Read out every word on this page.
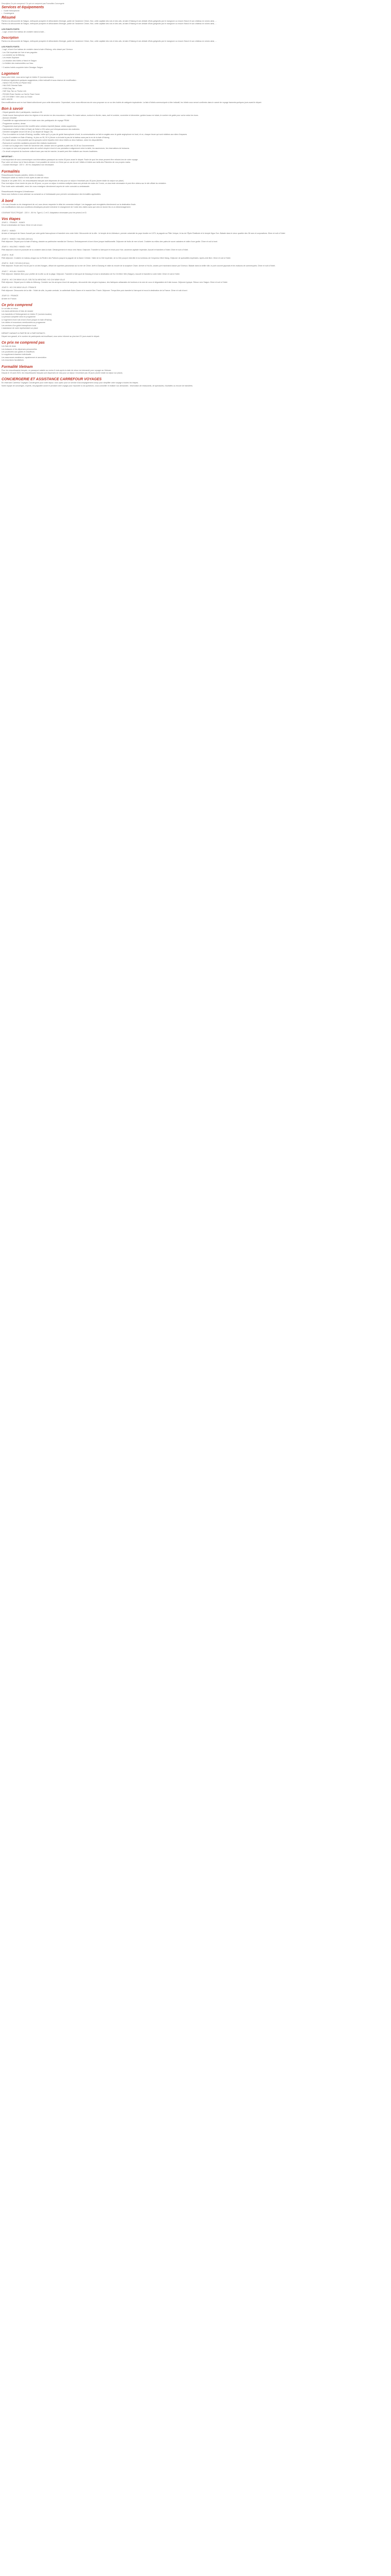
Description Ce prix comprend / Ce prix ne comprend pas Formalités Concergerie
Services et équipements
• Guide francophone
• Conciergerie
Résumé
Partez à la découverte de Saigon, métropole prospère et débordante d'énergie, partie de l'ancienne Chiner, Hue, cette capitale des rois et des arts, la baie d'Halong et ses dédale d'îlots grégeoits par le mangrove ou encore Hanoï et son château en ruines ainsi, ...
Partez à la découverte de Saigon, métropole prospère et débordante d'énergie, partie de l'ancienne Chiner, Hue, cette capitale des rois et des arts, la baie d'Halong et ses dédale d'îlots grégeoits par le mangrove ou encore Hanoï et son château en ruines ainsi, ...
LES POINTS FORTS
- Logé, à bord d'un bateau de croisière dans la baie...
Description
Partez à la découverte de Saigon, métropole prospère et débordante d'énergie, partie de l'ancienne Chiner, Hue, cette capitale des rois et des arts, la baie d'Halong et ses dédale d'îlots grégeoits par le mangrove ou encore Hanoï et son château en ruines ainsi, ...
LES POINTS FORTS
- Logé, à bord d'un bateau de croisière dans la baie d'Halong, cétu classé par l'Unesco
- Les Cité Impériale de Hué et ses pagodes
- La croisière sur la Mékong
- Les restes Sophane
- La situation des hôtels à Hanoï et Saigon
- Le théâtre des marionnettes sur l'eau
+ 3 autres hotels coupchée tobre Dessigur Saigon
Logement
Dans votre hôtel, vous serez logé en hôtels 3* (normes locales)
À deleuse également quelques suggestions, à titre indicatif et sous réserve de modification :
- HANOI THU EXPA Un Planet View
- HALONG Oriental Sails
- HYAN Day Tan
- HUE Day Tan ou Thuha Linh
- ROXAN Rose Garden ou Hai An Town Home
- HO CHI MINH / Viet Lotus ou Grace
INFO VENTE
Des modifications sont en tout listant sélectionné pour cette découverte. Cependant, nous nous efforcerons de vous proposer ou un ou des hotels de catégorie équivalente. La liste d'hôtels communiquée à titre indicatif, les hôtels vous seront confirmés dans le carnet de voyage transmis quelques jours avant le départ.
Bon à savoir
- Départ garantis dès 4 participants, maximum 28
- Guide trouve francophone selon les règions et du service en des excursions / visites. En haute saison, surtout en février, mars, avril et octobre, novembre et décembre, guides locaux en totais, le nombre de guide pour cortor selon les tours.
- Autocar climatisé
- Possibilité de rapprochement et en totale avec des participants de voyage FRAM
- Programme soutenu, dense.
- Programmes local peuvent être modifié selon certains imprédit (fassar, visites supprimées
- Hamboboat à l'hôtel à Ninh et Baie) de l'hôtel à 22h selon port d'emparcarionne des matinées
- Dernière navigable circuit 100 km (2 au départ de Saigon 10)
- Pour la croisière en la baie d'Halong, modifier, heller qu'il y a pas de guide francophone à bord, la communication ne fait en anglais avec le guide anglophone en bord, et ce, chaque heure qui sont relatives aux sites d'espaces
- La plus 8 croisière en Baie d'Halong : le plus ou 06, 00 h (Heure vu la toute la pas de la bateau sans pas la en de la baie d'Halong
- En haute saison, il est possible que les groupes soient répartis entre deux hôtels ou deux bateaux, selon les disponibilités.
- Épreuves et contrôles sanitaires peuvent être réalisés localement.
- Le bain sur la plage vers l'hôtel de l'ancienne ville, dossier sera en gratuits à partir des 20,30 au Gouvernement.
- Les repas en mer sont proposés selon de confort simple à bord et une prestation à alignement entre la table, les ascenseurs, les réservations de boissons.
- Ce circuit comprend du tourisme culturel avec pas mal de marche, la santé peut être réalisée aux heures localisées.
IMPORTANT :
Il est important de vous communiquer vos informations passeport au moins 45 jours avant le départ. Faute de quoi les visas peuvent être refusés lors de votre voyage.
Pour votre vol retour via le Nord-vietnam, il est possible de rentrer en Chine par un car de nuit / billets et hôtels aux tarifs des Flâneries de vos propres mains.
- Courant électrique : 220 V - 50 Hz. Adaptateur non nécessaire.
Formalités
Ressortissants français (adultes, bébés et enfants) :
Passeport valide au moins 6 mois après la date de retour.
Depuis le 1er juillet 2021, les ressortissants français sont dispensés de visa pour un séjour n'excédant pas 45 jours (durée totale du séjour sur place).
Pour tout séjour d'une durée de plus de 45 jours, ou pour un séjour à entrées multiples dans une période de moins de 3 mois, un visa reste nécessaire et peut être obtenu sur le site officiel du ministère.
Pour toute autre nationalité, merci de vous renseigner directement auprès de votre consulat ou ambassade.
Ressortissants étrangers & binationaux :
Nous vous invitons à vous adresser au consulat ou à l'ambassade pour prendre connaissance des formalités applicables.
À bord
> En cas d'escale ou de changement de vol, vous devez respecter le délai de connexion indiqué. Les bagages sont enregistrés directement sur la destination finale.
Les modifications dues aux conditions climatiques peuvent entraîner le changement de l'ordre des visites sans que cela ne donne lieu à un dédommagement.
COURANT ÉLECTRIQUE : 220 V - 50 Hz. Type A, C et D. Adaptateur nécessaire pour les prises A et D.
Vos étapes
JOUR 1 : FRANCE - HANOI
Envol à destination de Hanoi. Dîner et nuit à bord.
JOUR 2 : HANOI
Arrivée à l'aéroport de Hanoi. Accueil par votre guide francophone et transfert vers votre hôtel. Découverte de la ville : le temple de la Littérature, premier université du pays fondée en 1070, la pagode au Pilier Unique, le lac de l'Épée Restituée et le temple Ngoc Son. Balade dans le vieux quartier des 36 rues et corporations. Dîner et nuit à l'hôtel.
JOUR 3 : HANOI / HALONG (180 km)
Petit déjeuner. Départ pour la baie d'Halong, classée au patrimoine mondial de l'Unesco. Embarquement à bord d'une jonque traditionnelle. Déjeuner de fruits de mer à bord. Croisière au milieu des pains de sucre calcaires et visite d'une grotte. Dîner et nuit à bord.
JOUR 4 : HALONG / HANOI / HUE
Petit déjeuner à bord et poursuite de la croisière dans la baie. Débarquement et retour vers Hanoi. Déjeuner. Transfert à l'aéroport et envol pour Hué, ancienne capitale impériale. Accueil et transfert à l'hôtel. Dîner et nuit à l'hôtel.
JOUR 5 : HUE
Petit déjeuner. Croisière en bateau-dragon sur la Rivière des Parfums jusqu'à la pagode de la Dame Céleste. Visite de la Cité Impériale, de la Cité pourpre interdite et du tombeau de l'empereur Minh Mang. Déjeuner de spécialités impériales. Après-midi libre. Dîner et nuit à l'hôtel.
JOUR 6 : HUE / HOI AN (140 km)
Petit déjeuner. Route vers Hoi An par le col des Nuages, offrant de superbes panoramas sur la mer de Chine. Arrêt à Danang et visite du musée de la sculpture Cham. Arrivée à Hoi An, ancien port marchand classé par l'Unesco. Balade dans la vieille ville, le pont couvert japonais et les maisons de commerçants. Dîner et nuit à l'hôtel.
JOUR 7 : HOI AN / SAIGON
Petit déjeuner. Matinée libre pour profiter de la ville ou de la plage. Déjeuner. Transfert à l'aéroport de Danang et envol à destination de Ho Chi Minh Ville (Saigon). Accueil et transfert à votre hôtel. Dîner et nuit à l'hôtel.
JOUR 8 : HO CHI MINH VILLE / DELTA DU MEKONG / HO CHI MINH VILLE
Petit déjeuner. Départ pour le delta du Mékong. Croisière sur les arroyos à bord de sampans, découverte des vergers tropicaux, des fabriques artisanales de bonbons à la noix de coco et dégustation de fruits locaux. Déjeuner typique. Retour vers Saigon. Dîner et nuit à l'hôtel.
JOUR 9 : HO CHI MINH VILLE / FRANCE
Petit déjeuner. Découverte de la ville : l'hôtel de ville, la poste centrale, la cathédrale Notre-Dame et le marché Ben Thanh. Déjeuner. Temps libre puis transfert à l'aéroport et envol à destination de la France. Dîner et nuit à bord.
JOUR 10 : FRANCE
Arrivée en France.
Ce prix comprend
Le vol aller et retour
Les taxes aériennes et frais de dossier
Les transferts et l'hébergement en hôtels 3* (normes locales)
La pension complète selon le programme
Le logement d'une nuit à bord d'une jonque en baie d'Halong
Les visites et excursions mentionnées au programme
Les services d'un guide francophone local
L'assistance de notre représentant sur place
DÉPART GARANTI À PARTIR DE 4 PARTICIPANTS :
Départ non garanti, si le nombre de participants est insuffisant, vous serez informé au plus tard 21 jours avant le départ.
Ce prix ne comprend pas
Les frais de visas
Les boissons et les dépenses personnelles
Les pourboires aux guides et chauffeurs
Le supplément chambre individuelle
Les assurances assistance, rapatriement et annulation
Les excursions facultatives
Formalité Vietnam
Pour les ressortissants français, un passeport valable au moins 6 mois après la date de retour est demandé pour voyager au Vietnam.
Depuis le 15 août 2023, les ressortissants français sont dispensés de visa pour un séjour n'excédant pas 45 jours (durée totale du séjour sur place).
CONCIERGERIE ET ASSISTANCE CARREFOUR VOYAGES
En réservant Carrefour Voyages Conciergerie pour votre séjour, vous optez pour un service d'accompagnement conçu pour simplifier votre voyage à toutes les étapes.
Notre équipe de concierges, experts, est joignable avant et pendant votre voyage pour répondre à vos questions, vous conseiller et réaliser vos demandes : réservation de restaurants, de spectacles, d'activités ou encore de transferts.
